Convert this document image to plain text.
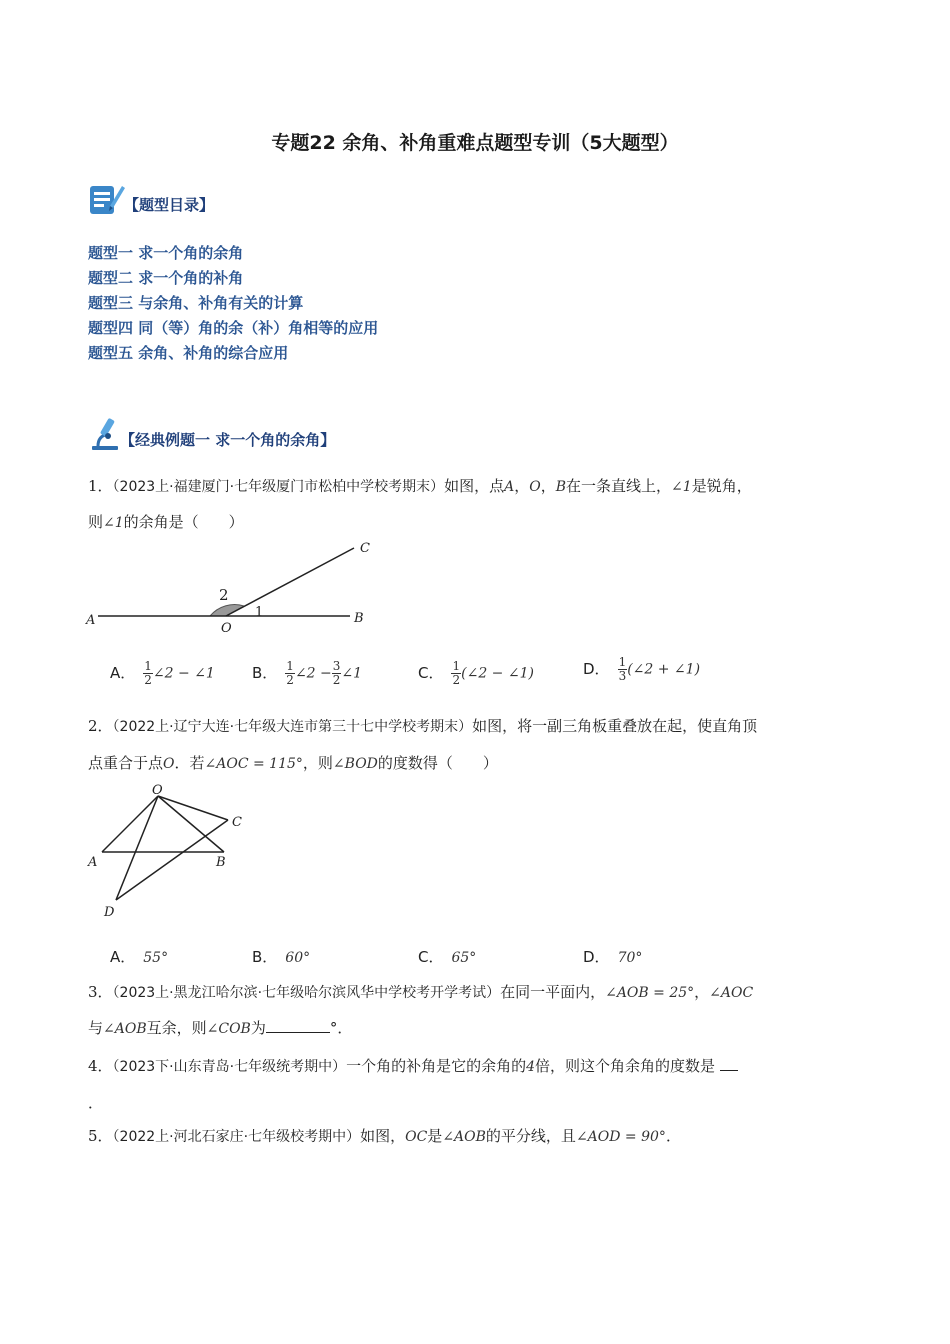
专题22 余角、补角重难点题型专训（5大题型）
【题型目录】
题型一 求一个角的余角
题型二 求一个角的补角
题型三 与余角、补角有关的计算
题型四 同（等）角的余（补）角相等的应用
题型五 余角、补角的综合应用
【经典例题一 求一个角的余角】
1．（2023上·福建厦门·七年级厦门市松柏中学校考期末）如图，点A，O，B在一条直线上，∠1是锐角，
则∠1的余角是（　　）
A
O
B
C
1
2
A． $\frac{1}{2}$ ∠2 − ∠1 B． $\frac{1}{2}$ ∠2 − $\frac{3}{2}$ ∠1	C． $\frac{1}{2}$ (∠2 − ∠1)	D． $\frac{1}{3}$ (∠2 + ∠1)
2．（2022上·辽宁大连·七年级大连市第三十七中学校考期末）如图，将一副三角板重叠放在起，使直角顶
点重合于点O．若∠AOC = 115°，则∠BOD的度数得（　　）
O
A	B
C
D
A． 55°	B． 60°	C． 65°	D． 70°
3．（2023上·黑龙江哈尔滨·七年级哈尔滨风华中学校考开学考试）在同一平面内，∠AOB = 25°，∠AOC
与∠AOB互余，则∠COB为	°．
4．（2023下·山东青岛·七年级统考期中）一个角的补角是它的余角的4倍，则这个角余角的度数是
．
5．（2022上·河北石家庄·七年级校考期中）如图，OC是∠AOB的平分线，且∠AOD = 90°．
